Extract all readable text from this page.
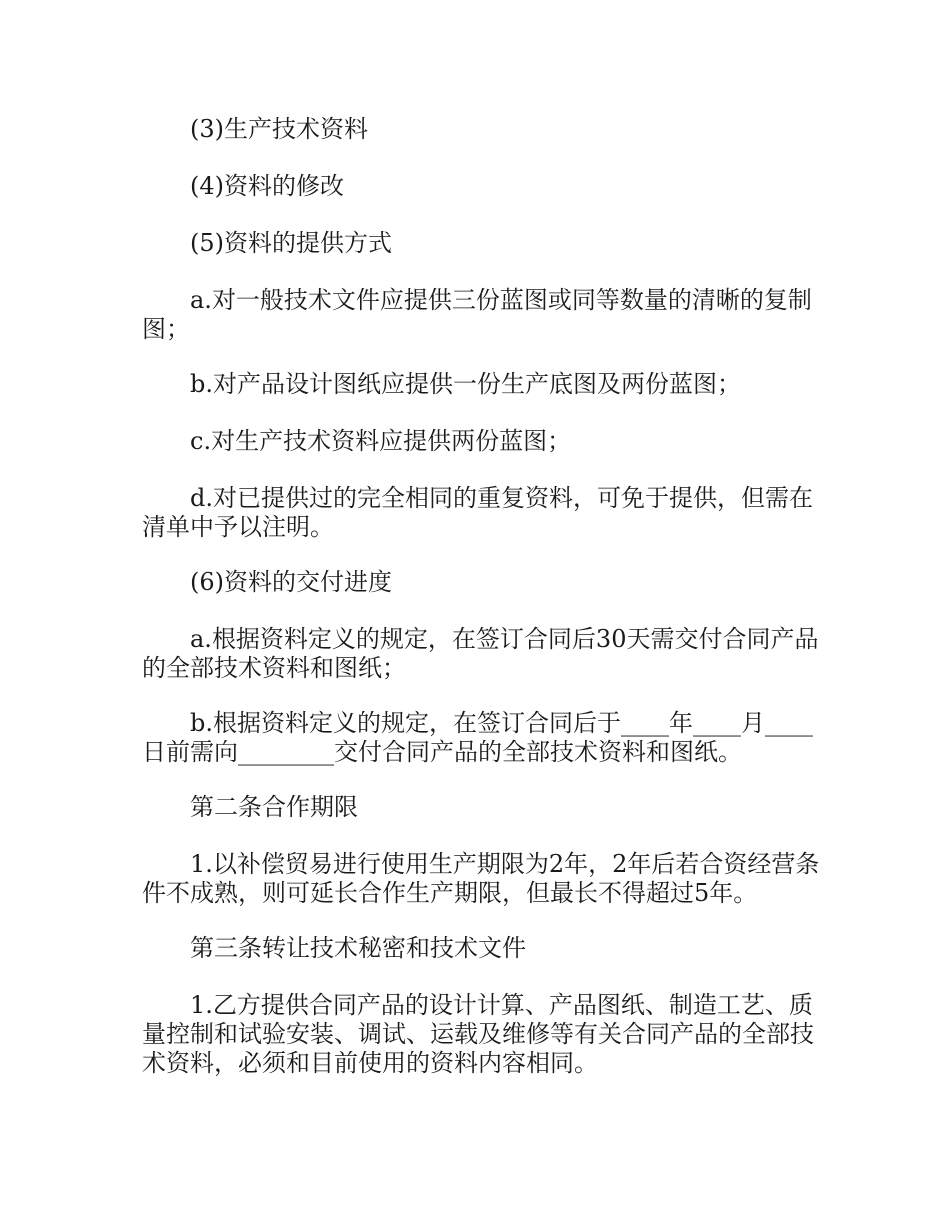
(3)生产技术资料

(4)资料的修改

(5)资料的提供方式

a.对一般技术文件应提供三份蓝图或同等数量的清晰的复制图；

b.对产品设计图纸应提供一份生产底图及两份蓝图；

c.对生产技术资料应提供两份蓝图；

d.对已提供过的完全相同的重复资料，可免于提供，但需在清单中予以注明。

(6)资料的交付进度

a.根据资料定义的规定，在签订合同后30天需交付合同产品的全部技术资料和图纸；

b.根据资料定义的规定，在签订合同后于____年____月____日前需向________交付合同产品的全部技术资料和图纸。

第二条合作期限

1.以补偿贸易进行使用生产期限为2年，2年后若合资经营条件不成熟，则可延长合作生产期限，但最长不得超过5年。

第三条转让技术秘密和技术文件

1.乙方提供合同产品的设计计算、产品图纸、制造工艺、质量控制和试验安装、调试、运载及维修等有关合同产品的全部技术资料，必须和目前使用的资料内容相同。
